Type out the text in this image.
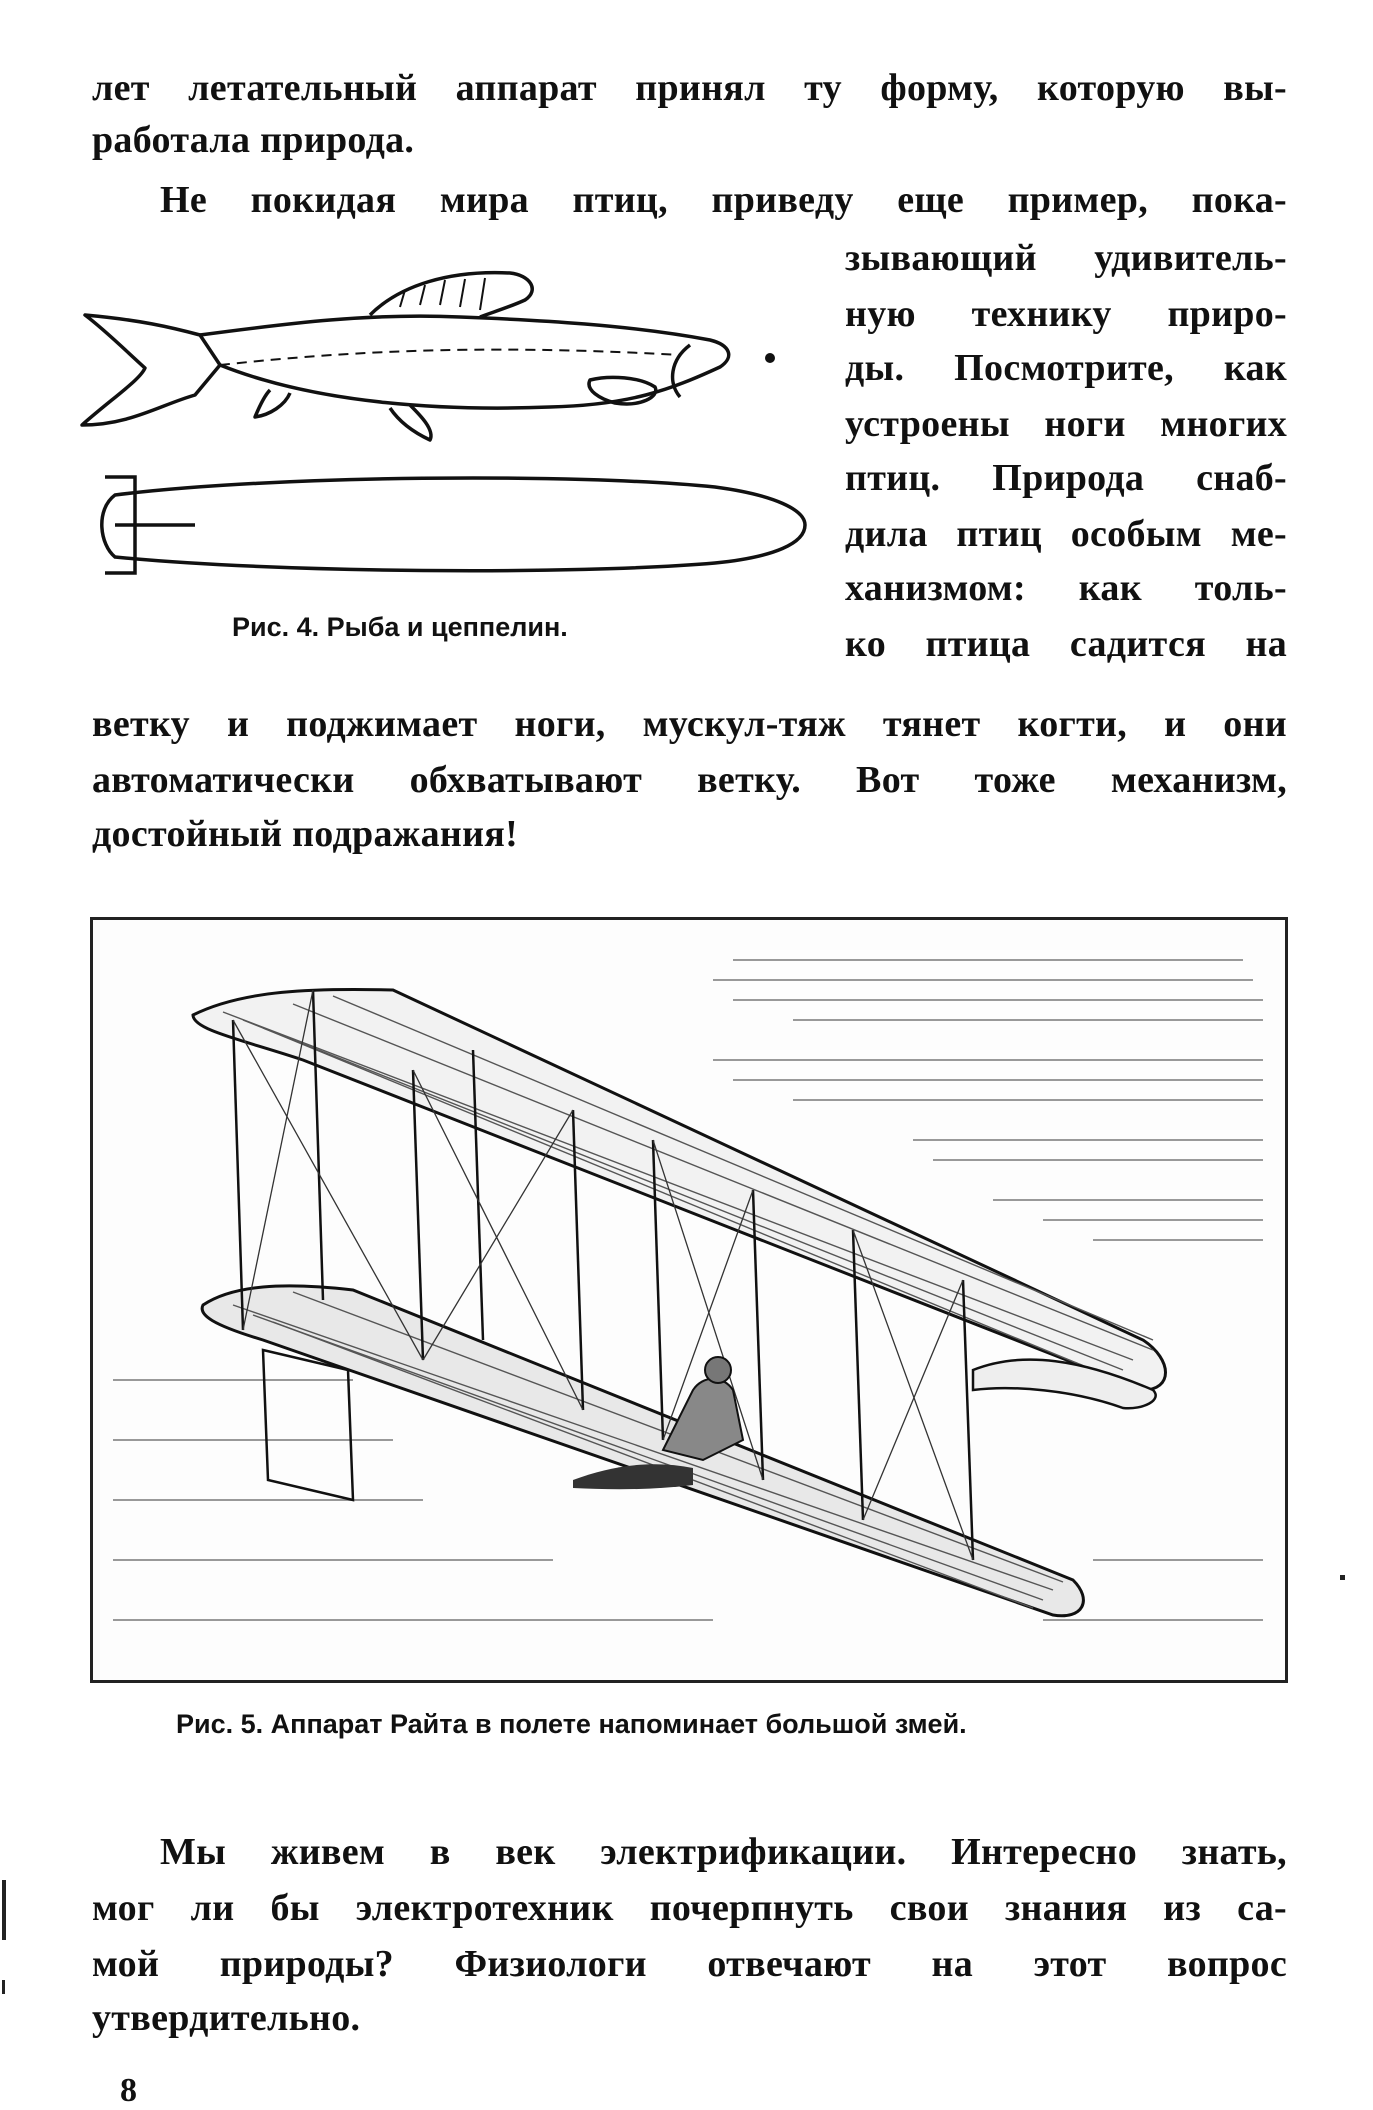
лет летательный аппарат принял ту форму, которую вы-
работала природа.
Не покидая мира птиц, приведу еще пример, пока-
зывающий удивитель-
ную технику приро-
ды. Посмотрите, как
устроены ноги многих
птиц. Природа снаб-
дила птиц особым ме-
ханизмом: как толь-
ко птица садится на
ветку и поджимает ноги, мускул-тяж тянет когти, и они
автоматически обхватывают ветку. Вот тоже механизм,
достойный подражания!
Рис. 4. Рыба и цеппелин.
Рис. 5. Аппарат Райта в полете напоминает большой змей.
Мы живем в век электрификации. Интересно знать,
мог ли бы электротехник почерпнуть свои знания из са-
мой природы? Физиологи отвечают на этот вопрос
утвердительно.
8
